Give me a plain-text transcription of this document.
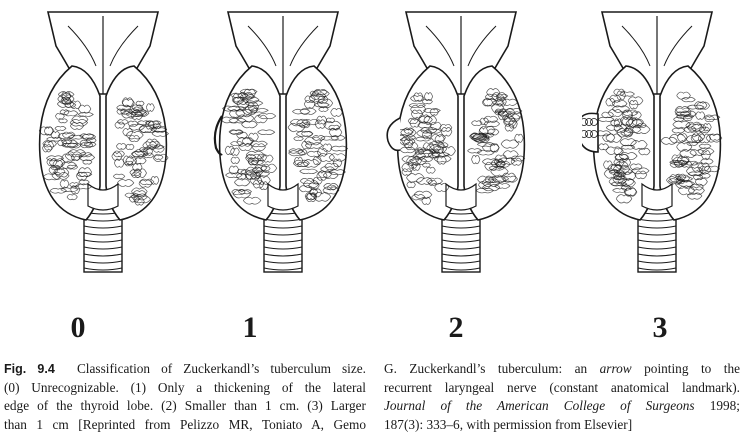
0	1	2	3
Fig. 9.4 Classification of Zuckerkandl’s tuberculum size.
(0) Unrecognizable. (1) Only a thickening of the lateral
edge of the thyroid lobe. (2) Smaller than 1 cm. (3) Larger
than 1 cm [Reprinted from Pelizzo MR, Toniato A, Gemo
G. Zuckerkandl’s tuberculum: an arrow pointing to the
recurrent laryngeal nerve (constant anatomical landmark).
Journal of the American College of Surgeons 1998;
187(3): 333–6, with permission from Elsevier]
